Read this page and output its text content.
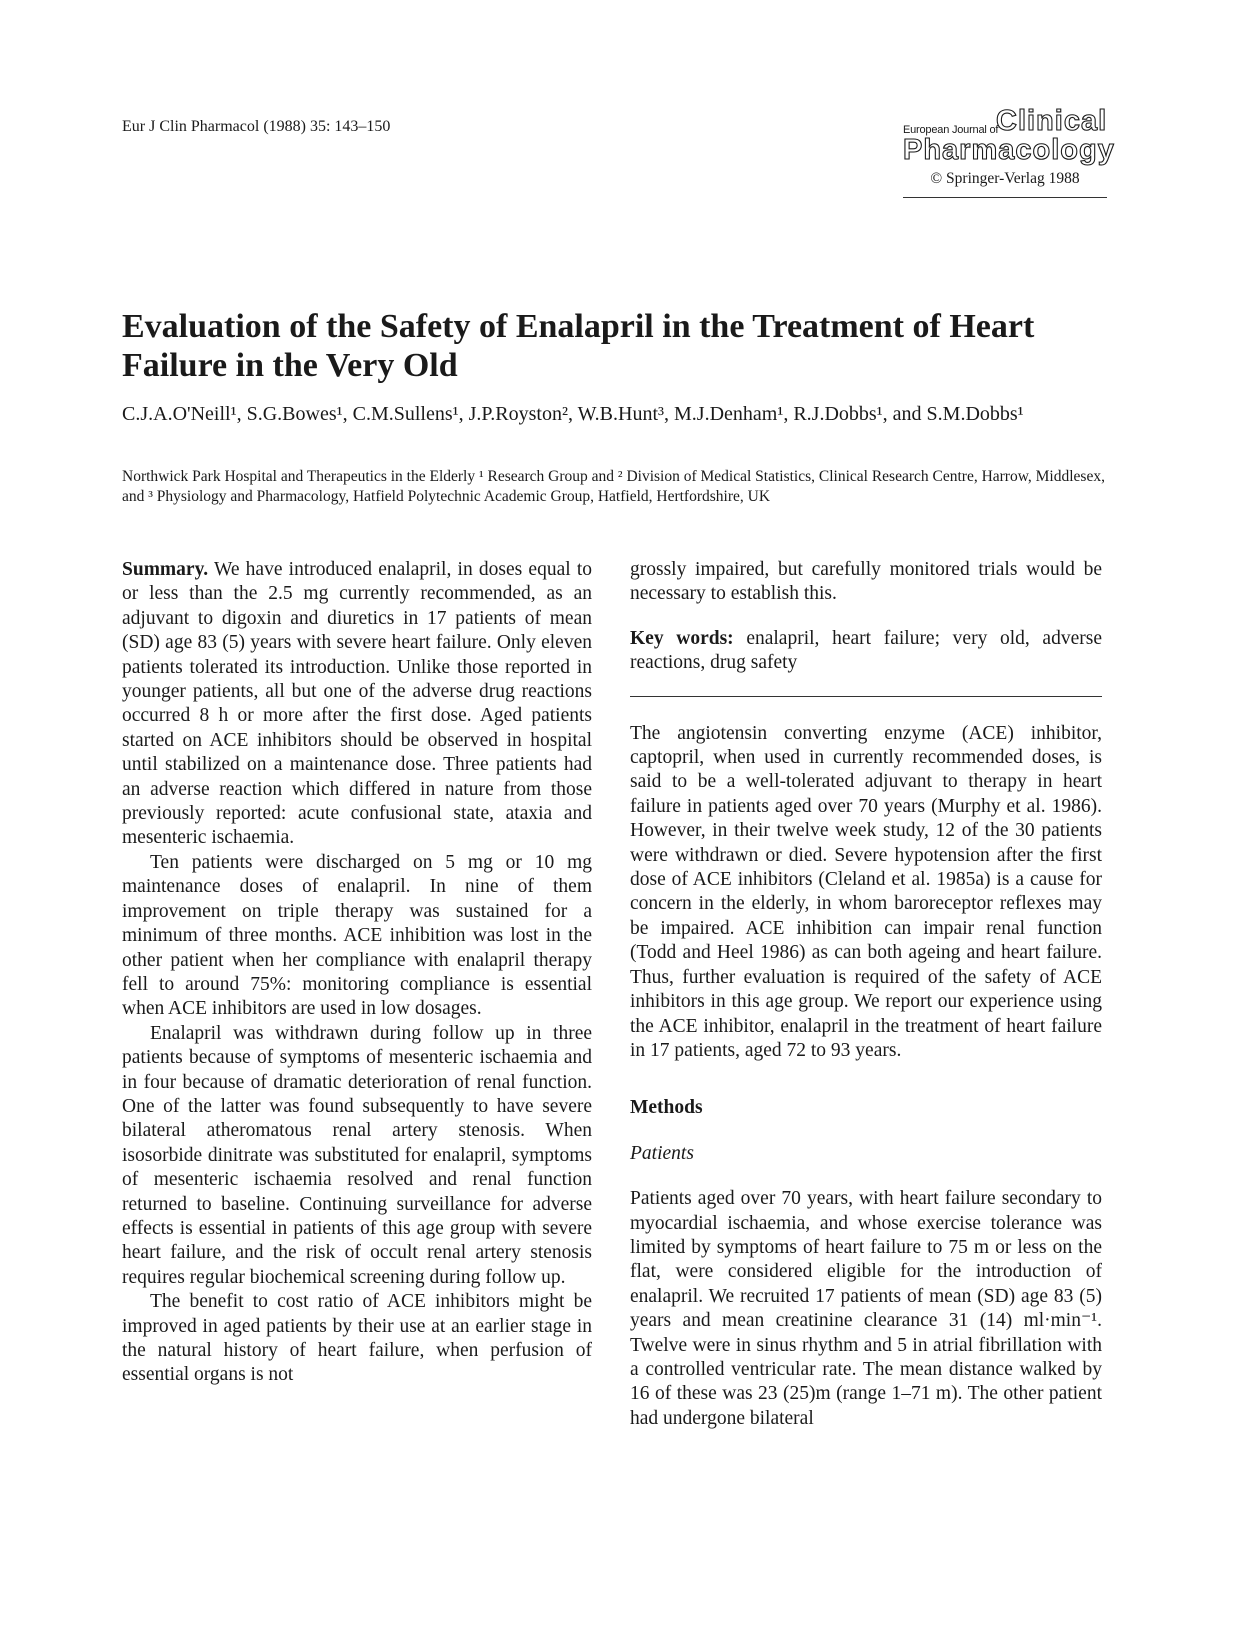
Eur J Clin Pharmacol (1988) 35: 143–150	European Journal of
Clinical
Pharmacology
© Springer-Verlag 1988
Evaluation of the Safety of Enalapril in the Treatment of Heart Failure in the Very Old
C.J.A.O'Neill¹, S.G.Bowes¹, C.M.Sullens¹, J.P.Royston², W.B.Hunt³, M.J.Denham¹, R.J.Dobbs¹, and S.M.Dobbs¹
Northwick Park Hospital and Therapeutics in the Elderly ¹ Research Group and ² Division of Medical Statistics, Clinical Research Centre, Harrow, Middlesex, and ³ Physiology and Pharmacology, Hatfield Polytechnic Academic Group, Hatfield, Hertfordshire, UK

Summary. We have introduced enalapril, in doses equal to or less than the 2.5 mg currently recommended, as an adjuvant to digoxin and diuretics in 17 patients of mean (SD) age 83 (5) years with severe heart failure. Only eleven patients tolerated its introduction. Unlike those reported in younger patients, all but one of the adverse drug reactions occurred 8 h or more after the first dose. Aged patients started on ACE inhibitors should be observed in hospital until stabilized on a maintenance dose. Three patients had an adverse reaction which differed in nature from those previously reported: acute confusional state, ataxia and mesenteric ischaemia.

Ten patients were discharged on 5 mg or 10 mg maintenance doses of enalapril. In nine of them improvement on triple therapy was sustained for a minimum of three months. ACE inhibition was lost in the other patient when her compliance with enalapril therapy fell to around 75%: monitoring compliance is essential when ACE inhibitors are used in low dosages.

Enalapril was withdrawn during follow up in three patients because of symptoms of mesenteric ischaemia and in four because of dramatic deterioration of renal function. One of the latter was found subsequently to have severe bilateral atheromatous renal artery stenosis. When isosorbide dinitrate was substituted for enalapril, symptoms of mesenteric ischaemia resolved and renal function returned to baseline. Continuing surveillance for adverse effects is essential in patients of this age group with severe heart failure, and the risk of occult renal artery stenosis requires regular biochemical screening during follow up.

The benefit to cost ratio of ACE inhibitors might be improved in aged patients by their use at an earlier stage in the natural history of heart failure, when perfusion of essential organs is not

grossly impaired, but carefully monitored trials would be necessary to establish this.

Key words: enalapril, heart failure; very old, adverse reactions, drug safety

The angiotensin converting enzyme (ACE) inhibitor, captopril, when used in currently recommended doses, is said to be a well-tolerated adjuvant to therapy in heart failure in patients aged over 70 years (Murphy et al. 1986). However, in their twelve week study, 12 of the 30 patients were withdrawn or died. Severe hypotension after the first dose of ACE inhibitors (Cleland et al. 1985a) is a cause for concern in the elderly, in whom baroreceptor reflexes may be impaired. ACE inhibition can impair renal function (Todd and Heel 1986) as can both ageing and heart failure. Thus, further evaluation is required of the safety of ACE inhibitors in this age group. We report our experience using the ACE inhibitor, enalapril in the treatment of heart failure in 17 patients, aged 72 to 93 years.

Methods

Patients

Patients aged over 70 years, with heart failure secondary to myocardial ischaemia, and whose exercise tolerance was limited by symptoms of heart failure to 75 m or less on the flat, were considered eligible for the introduction of enalapril. We recruited 17 patients of mean (SD) age 83 (5) years and mean creatinine clearance 31 (14) ml·min⁻¹. Twelve were in sinus rhythm and 5 in atrial fibrillation with a controlled ventricular rate. The mean distance walked by 16 of these was 23 (25)m (range 1–71 m). The other patient had undergone bilateral
